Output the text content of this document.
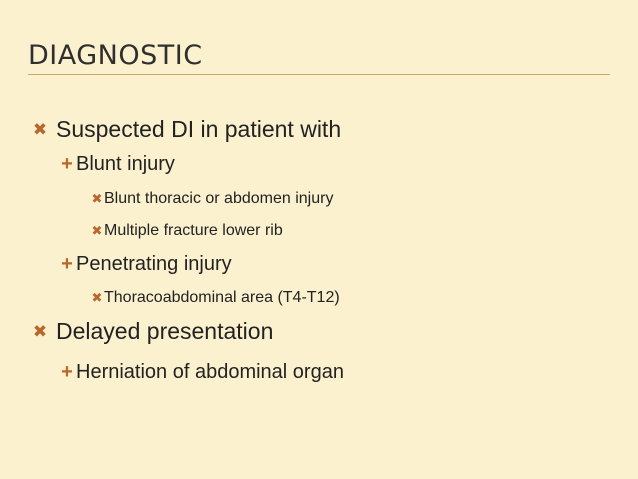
DIAGNOSTIC
✖ Suspected DI in patient with
+ Blunt injury
✖ Blunt thoracic or abdomen injury
✖ Multiple fracture lower rib
+ Penetrating injury
✖ Thoracoabdominal area (T4-T12)
✖ Delayed presentation
+ Herniation of abdominal organ
